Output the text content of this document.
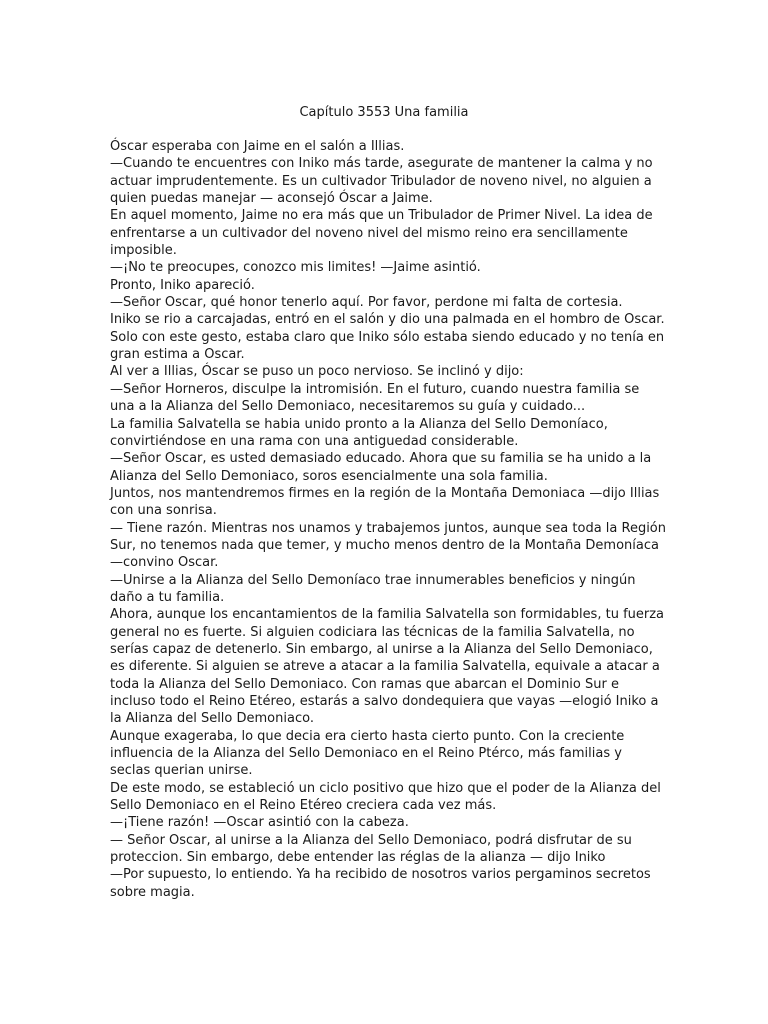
Capítulo 3553 Una familia

Óscar esperaba con Jaime en el salón a Illias.

—Cuando te encuentres con Iniko más tarde, asegurate de mantener la calma y no actuar imprudentemente. Es un cultivador Tribulador de noveno nivel, no alguien a quien puedas manejar — aconsejó Óscar a Jaime.

En aquel momento, Jaime no era más que un Tribulador de Primer Nivel. La idea de enfrentarse a un cultivador del noveno nivel del mismo reino era sencillamente imposible.

—¡No te preocupes, conozco mis limites! —Jaime asintió.

Pronto, Iniko apareció.

—Señor Oscar, qué honor tenerlo aquí. Por favor, perdone mi falta de cortesia.

Iniko se rio a carcajadas, entró en el salón y dio una palmada en el hombro de Oscar. Solo con este gesto, estaba claro que Iniko sólo estaba siendo educado y no tenía en gran estima a Oscar.

Al ver a Illias, Óscar se puso un poco nervioso. Se inclinó y dijo:

—Señor Horneros, disculpe la intromisión. En el futuro, cuando nuestra familia se una a la Alianza del Sello Demoniaco, necesitaremos su guía y cuidado...

La familia Salvatella se habia unido pronto a la Alianza del Sello Demoníaco, convirtiéndose en una rama con una antiguedad considerable.

—Señor Oscar, es usted demasiado educado. Ahora que su familia se ha unido a la Alianza del Sello Demoniaco, soros esencialmente una sola familia.

Juntos, nos mantendremos firmes en la región de la Montaña Demoniaca —dijo Illias con una sonrisa.

— Tiene razón. Mientras nos unamos y trabajemos juntos, aunque sea toda la Región Sur, no tenemos nada que temer, y mucho menos dentro de la Montaña Demoníaca —convino Oscar.

—Unirse a la Alianza del Sello Demoníaco trae innumerables beneficios y ningún daño a tu familia.

Ahora, aunque los encantamientos de la familia Salvatella son formidables, tu fuerza general no es fuerte. Si alguien codiciara las técnicas de la familia Salvatella, no serías capaz de detenerlo. Sin embargo, al unirse a la Alianza del Sello Demoniaco, es diferente. Si alguien se atreve a atacar a la familia Salvatella, equivale a atacar a toda la Alianza del Sello Demoniaco. Con ramas que abarcan el Dominio Sur e incluso todo el Reino Etéreo, estarás a salvo dondequiera que vayas —elogió Iniko a la Alianza del Sello Demoniaco.

Aunque exageraba, lo que decia era cierto hasta cierto punto. Con la creciente influencia de la Alianza del Sello Demoniaco en el Reino Ptérco, más familias y seclas querian unirse.

De este modo, se estableció un ciclo positivo que hizo que el poder de la Alianza del Sello Demoniaco en el Reino Etéreo creciera cada vez más.

—¡Tiene razón! —Oscar asintió con la cabeza.

— Señor Oscar, al unirse a la Alianza del Sello Demoniaco, podrá disfrutar de su proteccion. Sin embargo, debe entender las réglas de la alianza — dijo Iniko

—Por supuesto, lo entiendo. Ya ha recibido de nosotros varios pergaminos secretos sobre magia.
